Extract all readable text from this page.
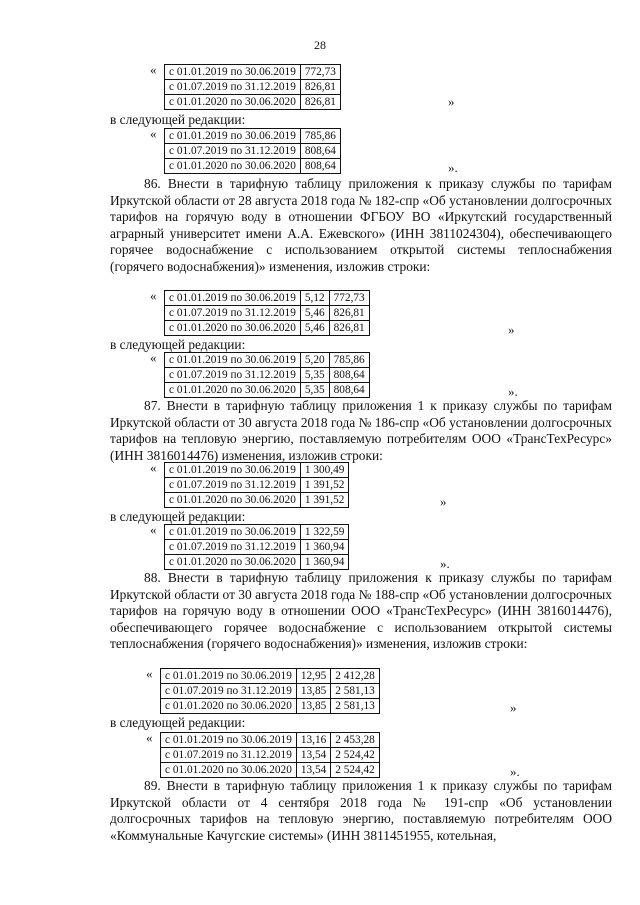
28
« с 01.01.2019 по 30.06.2019	772,73
с 01.07.2019 по 31.12.2019	826,81
с 01.01.2020 по 30.06.2020	826,81	»
в следующей редакции:
« с 01.01.2019 по 30.06.2019	785,86
с 01.07.2019 по 31.12.2019	808,64
с 01.01.2020 по 30.06.2020	808,64	».
86. Внести в тарифную таблицу приложения к приказу службы по тарифам Иркутской области от 28 августа 2018 года № 182-спр «Об установлении долгосрочных тарифов на горячую воду в отношении ФГБОУ ВО «Иркутский государственный аграрный университет имени А.А. Ежевского» (ИНН 3811024304), обеспечивающего горячее водоснабжение с использованием открытой системы теплоснабжения (горячего водоснабжения)» изменения, изложив строки:
« с 01.01.2019 по 30.06.2019	5,12	772,73
с 01.07.2019 по 31.12.2019	5,46	826,81
с 01.01.2020 по 30.06.2020	5,46	826,81	»
в следующей редакции:
« с 01.01.2019 по 30.06.2019	5,20	785,86
с 01.07.2019 по 31.12.2019	5,35	808,64
с 01.01.2020 по 30.06.2020	5,35	808,64	».
87. Внести в тарифную таблицу приложения 1 к приказу службы по тарифам Иркутской области от 30 августа 2018 года № 186-спр «Об установлении долгосрочных тарифов на тепловую энергию, поставляемую потребителям ООО «ТрансТехРесурс» (ИНН 3816014476) изменения, изложив строки:
« с 01.01.2019 по 30.06.2019	1 300,49
с 01.07.2019 по 31.12.2019	1 391,52
с 01.01.2020 по 30.06.2020	1 391,52	»
в следующей редакции:
« с 01.01.2019 по 30.06.2019	1 322,59
с 01.07.2019 по 31.12.2019	1 360,94
с 01.01.2020 по 30.06.2020	1 360,94	».
88. Внести в тарифную таблицу приложения к приказу службы по тарифам Иркутской области от 30 августа 2018 года № 188-спр «Об установлении долгосрочных тарифов на горячую воду в отношении ООО «ТрансТехРесурс» (ИНН 3816014476), обеспечивающего горячее водоснабжение с использованием открытой системы теплоснабжения (горячего водоснабжения)» изменения, изложив строки:
« с 01.01.2019 по 30.06.2019	12,95	2 412,28
с 01.07.2019 по 31.12.2019	13,85	2 581,13
с 01.01.2020 по 30.06.2020	13,85	2 581,13	»
в следующей редакции:
« с 01.01.2019 по 30.06.2019	13,16	2 453,28
с 01.07.2019 по 31.12.2019	13,54	2 524,42
с 01.01.2020 по 30.06.2020	13,54	2 524,42	».
89. Внести в тарифную таблицу приложения 1 к приказу службы по тарифам Иркутской области от 4 сентября 2018 года № 191-спр «Об установлении долгосрочных тарифов на тепловую энергию, поставляемую потребителям ООО «Коммунальные Качугские системы» (ИНН 3811451955, котельная,
